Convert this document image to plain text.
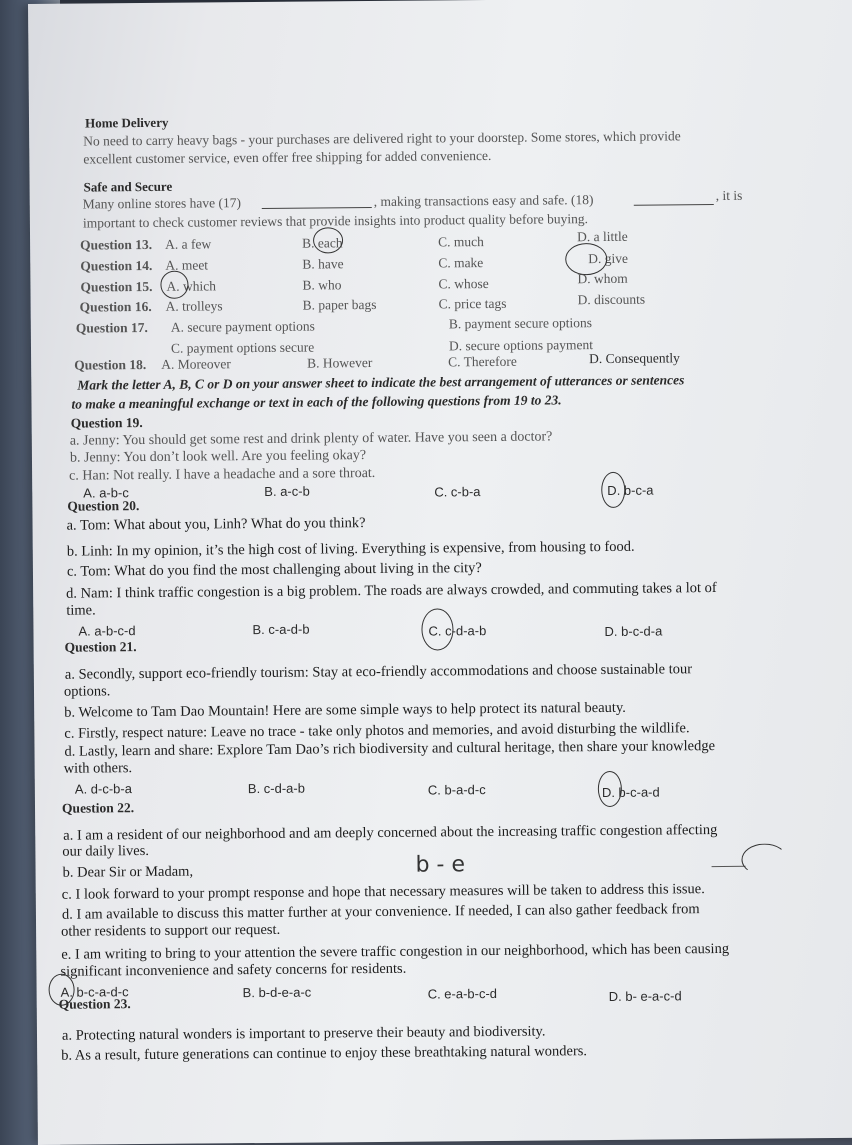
Home Delivery
No need to carry heavy bags - your purchases are delivered right to your doorstep. Some stores, which provide
excellent customer service, even offer free shipping for added convenience.
Safe and Secure
Many online stores have (17)	, making transactions easy and safe. (18)	, it is
important to check customer reviews that provide insights into product quality before buying.
Question 13. A. a few	B. each	C. much	D. a little
Question 14. A. meet	B. have	C. make	D. give
Question 15. A. which	B. who	C. whose	D. whom
Question 16. A. trolleys	B. paper bags	C. price tags	D. discounts
Question 17. A. secure payment options	B. payment secure options
C. payment options secure	D. secure options payment
Question 18. A. Moreover	B. However	C. Therefore	D. Consequently
Mark the letter A, B, C or D on your answer sheet to indicate the best arrangement of utterances or sentences
to make a meaningful exchange or text in each of the following questions from 19 to 23.
Question 19.
a. Jenny: You should get some rest and drink plenty of water. Have you seen a doctor?
b. Jenny: You don’t look well. Are you feeling okay?
c. Han: Not really. I have a headache and a sore throat.
A. a-b-c	B. a-c-b	C. c-b-a	D. b-c-a
Question 20.
a. Tom: What about you, Linh? What do you think?
b. Linh: In my opinion, it’s the high cost of living. Everything is expensive, from housing to food.
c. Tom: What do you find the most challenging about living in the city?
d. Nam: I think traffic congestion is a big problem. The roads are always crowded, and commuting takes a lot of
time.
A. a-b-c-d	B. c-a-d-b	C. c-d-a-b	D. b-c-d-a
Question 21.
a. Secondly, support eco-friendly tourism: Stay at eco-friendly accommodations and choose sustainable tour
options.
b. Welcome to Tam Dao Mountain! Here are some simple ways to help protect its natural beauty.
c. Firstly, respect nature: Leave no trace - take only photos and memories, and avoid disturbing the wildlife.
d. Lastly, learn and share: Explore Tam Dao’s rich biodiversity and cultural heritage, then share your knowledge
with others.
A. d-c-b-a	B. c-d-a-b	C. b-a-d-c	D. b-c-a-d
Question 22.
a. I am a resident of our neighborhood and am deeply concerned about the increasing traffic congestion affecting
our daily lives.
b. Dear Sir or Madam,
c. I look forward to your prompt response and hope that necessary measures will be taken to address this issue.
d. I am available to discuss this matter further at your convenience. If needed, I can also gather feedback from
other residents to support our request.
e. I am writing to bring to your attention the severe traffic congestion in our neighborhood, which has been causing
significant inconvenience and safety concerns for residents.
A. b-c-a-d-c	B. b-d-e-a-c	C. e-a-b-c-d	D. b- e-a-c-d
b - e
Question 23.
a. Protecting natural wonders is important to preserve their beauty and biodiversity.
b. As a result, future generations can continue to enjoy these breathtaking natural wonders.
